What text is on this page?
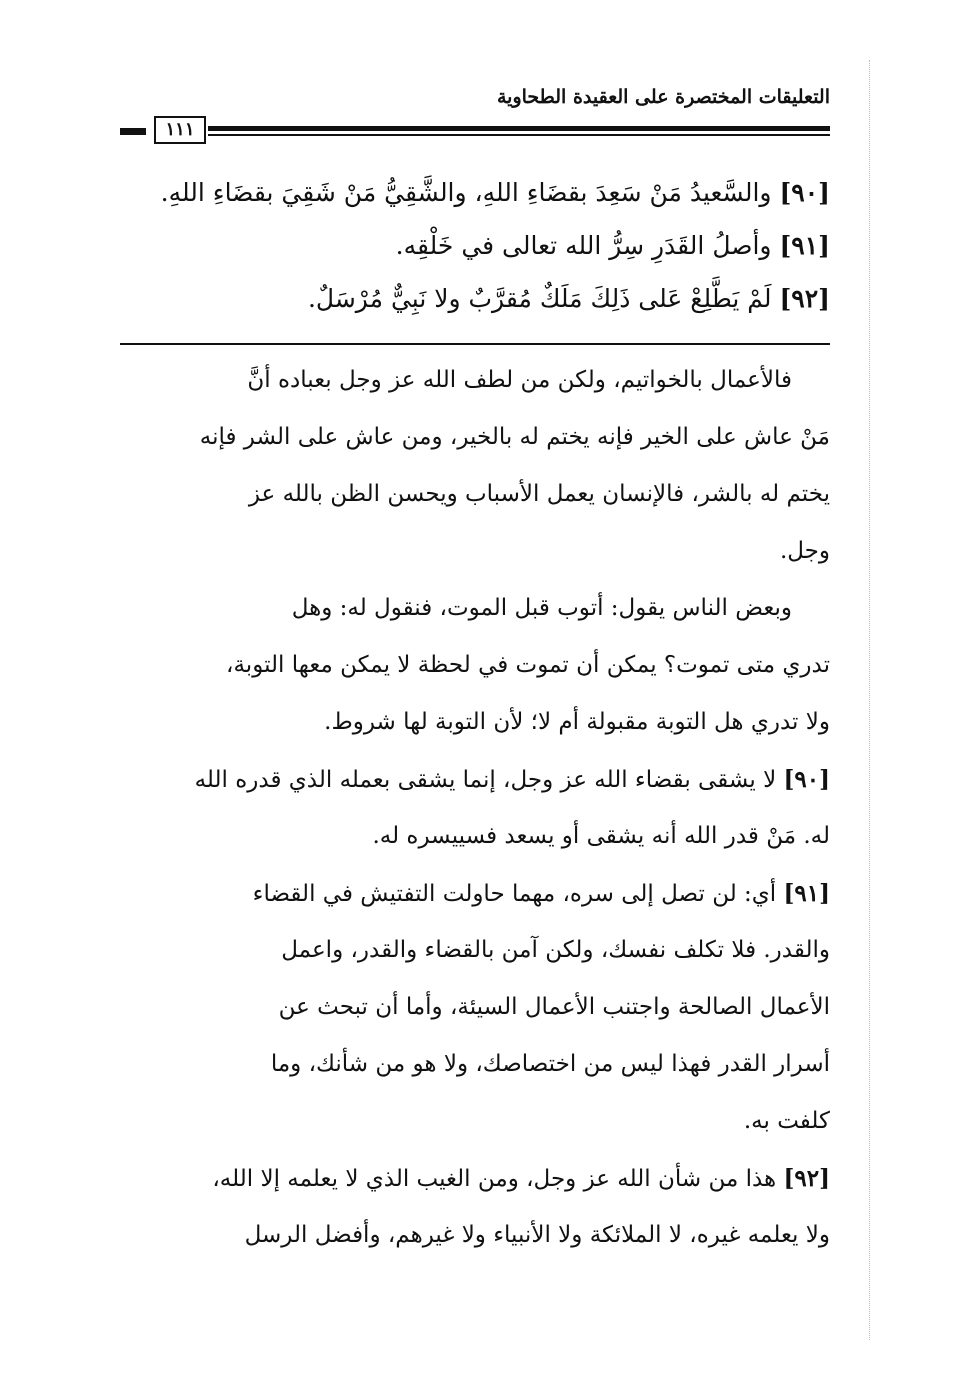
التعليقات المختصرة على العقيدة الطحاوية
١١١
[٩٠] والسَّعيدُ مَنْ سَعِدَ بقضَاءِ اللهِ، والشَّقِيُّ مَنْ شَقِيَ بقضَاءِ اللهِ.
[٩١] وأصلُ القَدَرِ سِرُّ الله تعالى في خَلْقِه.
[٩٢] لَمْ يَطَّلِعْ عَلى ذَلِكَ مَلَكٌ مُقرَّبٌ ولا نَبِيٌّ مُرْسَلٌ.
فالأعمال بالخواتيم، ولكن من لطف الله عز وجل بعباده أنَّ
مَنْ عاش على الخير فإنه يختم له بالخير، ومن عاش على الشر فإنه
يختم له بالشر، فالإنسان يعمل الأسباب ويحسن الظن بالله عز
وجل.
وبعض الناس يقول: أتوب قبل الموت، فنقول له: وهل
تدري متى تموت؟ يمكن أن تموت في لحظة لا يمكن معها التوبة،
ولا تدري هل التوبة مقبولة أم لا؛ لأن التوبة لها شروط.
[٩٠] لا يشقى بقضاء الله عز وجل، إنما يشقى بعمله الذي قدره الله
له. مَنْ قدر الله أنه يشقى أو يسعد فسييسره له.
[٩١] أي: لن تصل إلى سره، مهما حاولت التفتيش في القضاء
والقدر. فلا تكلف نفسك، ولكن آمن بالقضاء والقدر، واعمل
الأعمال الصالحة واجتنب الأعمال السيئة، وأما أن تبحث عن
أسرار القدر فهذا ليس من اختصاصك، ولا هو من شأنك، وما
كلفت به.
[٩٢] هذا من شأن الله عز وجل، ومن الغيب الذي لا يعلمه إلا الله،
ولا يعلمه غيره، لا الملائكة ولا الأنبياء ولا غيرهم، وأفضل الرسل
